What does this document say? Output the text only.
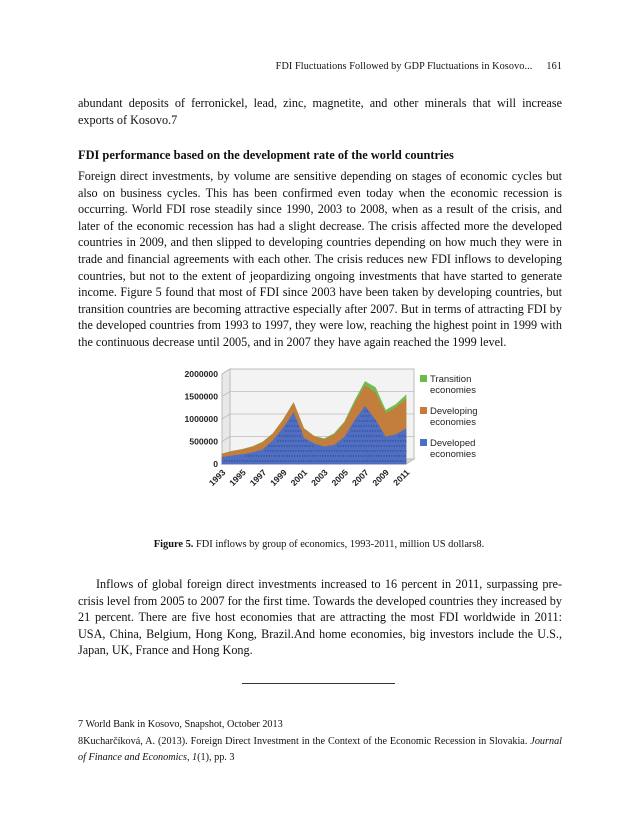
FDI Fluctuations Followed by GDP Fluctuations in Kosovo... 161

abundant deposits of ferronickel, lead, zinc, magnetite, and other minerals that will increase exports of Kosovo.7

FDI performance based on the development rate of the world countries

Foreign direct investments, by volume are sensitive depending on stages of economic cycles but also on business cycles. This has been confirmed even today when the economic recession is occurring. World FDI rose steadily since 1990, 2003 to 2008, when as a result of the crisis, and later of the economic recession has had a slight decrease. The crisis affected more the developed countries in 2009, and then slipped to developing countries depending on how much they were in trade and financial agreements with each other. The crisis reduces new FDI inflows to developing countries, but not to the extent of jeopardizing ongoing investments that have started to generate income. Figure 5 found that most of FDI since 2003 have been taken by developing countries, but transition countries are becoming attractive especially after 2007. But in terms of attracting FDI by the developed countries from 1993 to 1997, they were low, reaching the highest point in 1999 with the continuous decrease until 2005, and in 2007 they have again reached the 1999 level.

0
500000
1000000
1500000
2000000
1993 1995 1997 1999 2001 2003 2005 2007 2009 2011
Transition
economies
Developing
economies
Developed
economies
Figure 5. FDI inflows by group of economics, 1993-2011, million US dollars8.

Inflows of global foreign direct investments increased to 16 percent in 2011, surpassing pre-crisis level from 2005 to 2007 for the first time. Towards the developed countries they increased by 21 percent. There are five host economies that are attracting the most FDI worldwide in 2011: USA, China, Belgium, Hong Kong, Brazil.And home economies, big investors include the U.S., Japan, UK, France and Hong Kong.

7 World Bank in Kosovo, Snapshot, October 2013

8Kucharčíková, A. (2013). Foreign Direct Investment in the Context of the Economic Recession in Slovakia. Journal of Finance and Economics, 1(1), pp. 3
